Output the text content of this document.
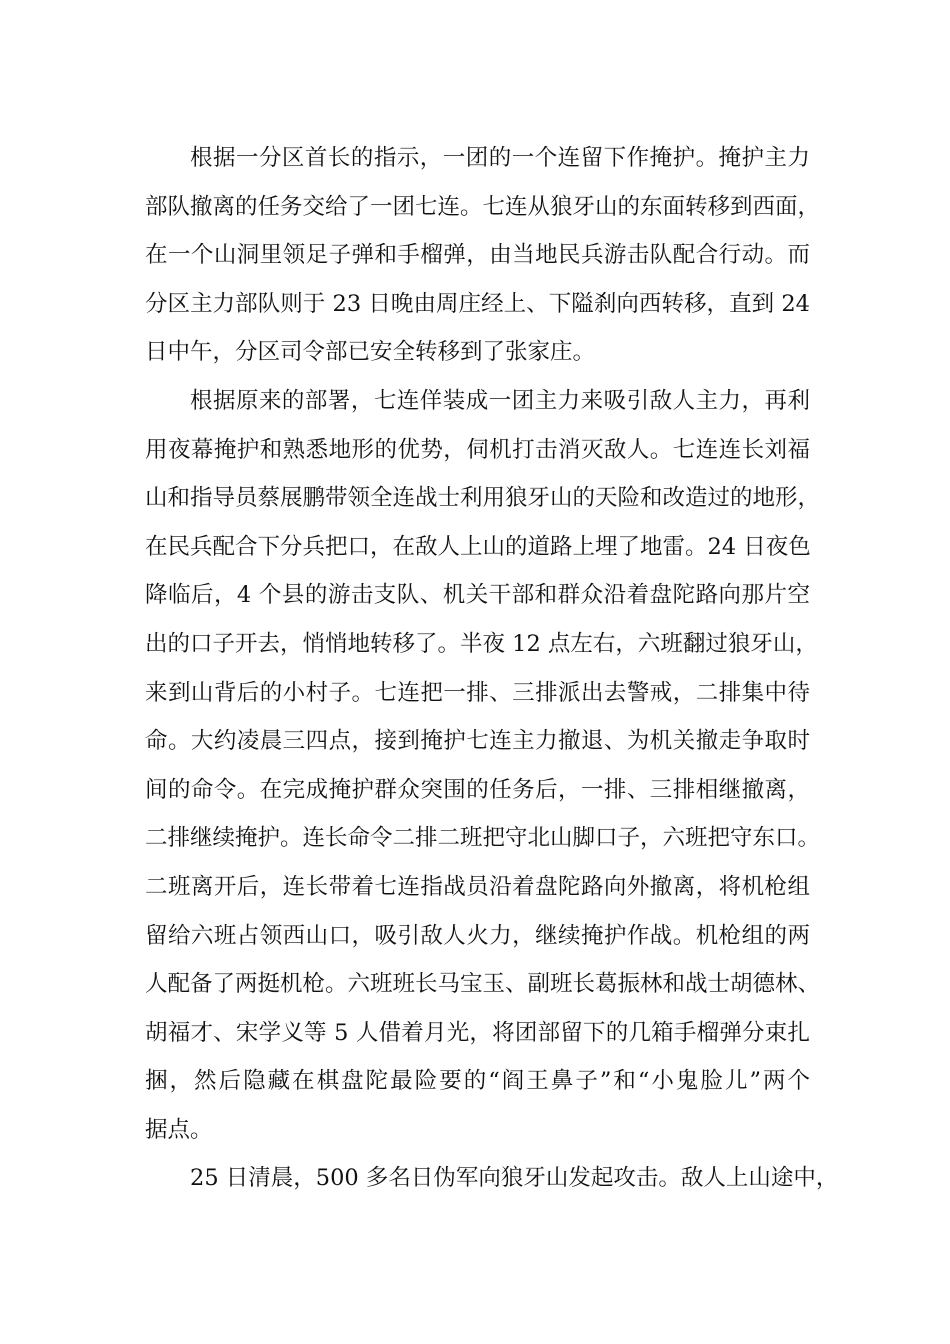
根据一分区首长的指示，一团的一个连留下作掩护。掩护主力
部队撤离的任务交给了一团七连。七连从狼牙山的东面转移到西面，
在一个山洞里领足子弹和手榴弹，由当地民兵游击队配合行动。而
分区主力部队则于 23 日晚由周庄经上、下隘刹向西转移，直到 24
日中午，分区司令部已安全转移到了张家庄。
根据原来的部署，七连佯装成一团主力来吸引敌人主力，再利
用夜幕掩护和熟悉地形的优势，伺机打击消灭敌人。七连连长刘福
山和指导员蔡展鹏带领全连战士利用狼牙山的天险和改造过的地形，
在民兵配合下分兵把口，在敌人上山的道路上埋了地雷。24 日夜色
降临后，4 个县的游击支队、机关干部和群众沿着盘陀路向那片空
出的口子开去，悄悄地转移了。半夜 12 点左右，六班翻过狼牙山，
来到山背后的小村子。七连把一排、三排派出去警戒，二排集中待
命。大约凌晨三四点，接到掩护七连主力撤退、为机关撤走争取时
间的命令。在完成掩护群众突围的任务后，一排、三排相继撤离，
二排继续掩护。连长命令二排二班把守北山脚口子，六班把守东口。
二班离开后，连长带着七连指战员沿着盘陀路向外撤离，将机枪组
留给六班占领西山口，吸引敌人火力，继续掩护作战。机枪组的两
人配备了两挺机枪。六班班长马宝玉、副班长葛振林和战士胡德林、
胡福才、宋学义等 5 人借着月光，将团部留下的几箱手榴弹分束扎
捆，然后隐藏在棋盘陀最险要的“阎王鼻子”和“小鬼脸儿”两个
据点。
25 日清晨，500 多名日伪军向狼牙山发起攻击。敌人上山途中，
